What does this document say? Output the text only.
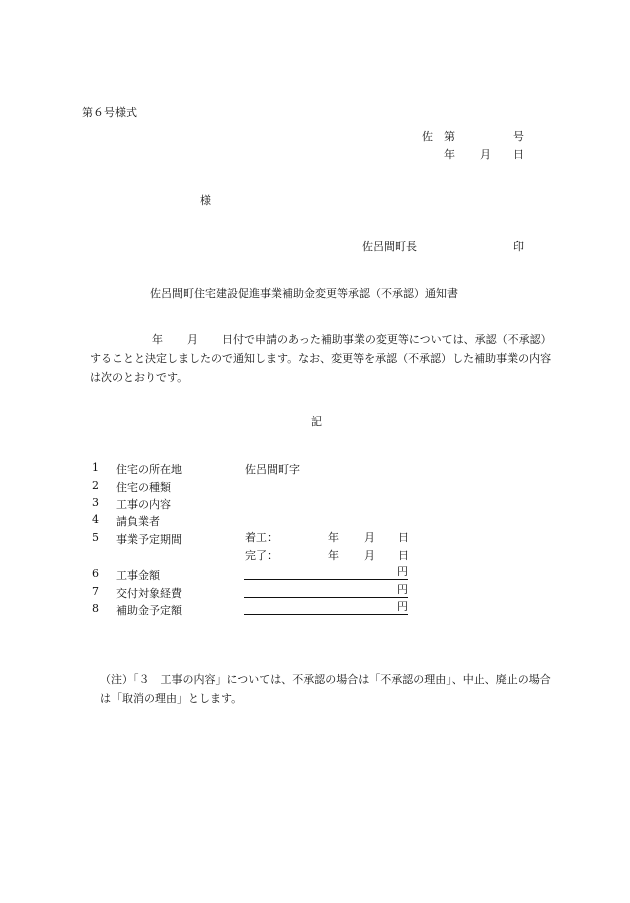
第６号様式
佐 第	号
年 月 日
様
佐呂間町長	印
佐呂間町住宅建設促進事業補助金変更等承認（不承認）通知書
年 月 日付で申請のあった補助事業の変更等については、承認（不承認）することと決定しましたので通知します。なお、変更等を承認（不承認）した補助事業の内容は次のとおりです。
記
1	住宅の所在地	佐呂間町字
2	住宅の種類
3	工事の内容
4	請負業者
5	事業予定期間	着工：	年 月 日
完了：	年 月 日
6	工事金額	円
7	交付対象経費	円
8	補助金予定額	円
（注）「３　工事の内容」については、不承認の場合は「不承認の理由」、中止、廃止の場合は「取消の理由」とします。
